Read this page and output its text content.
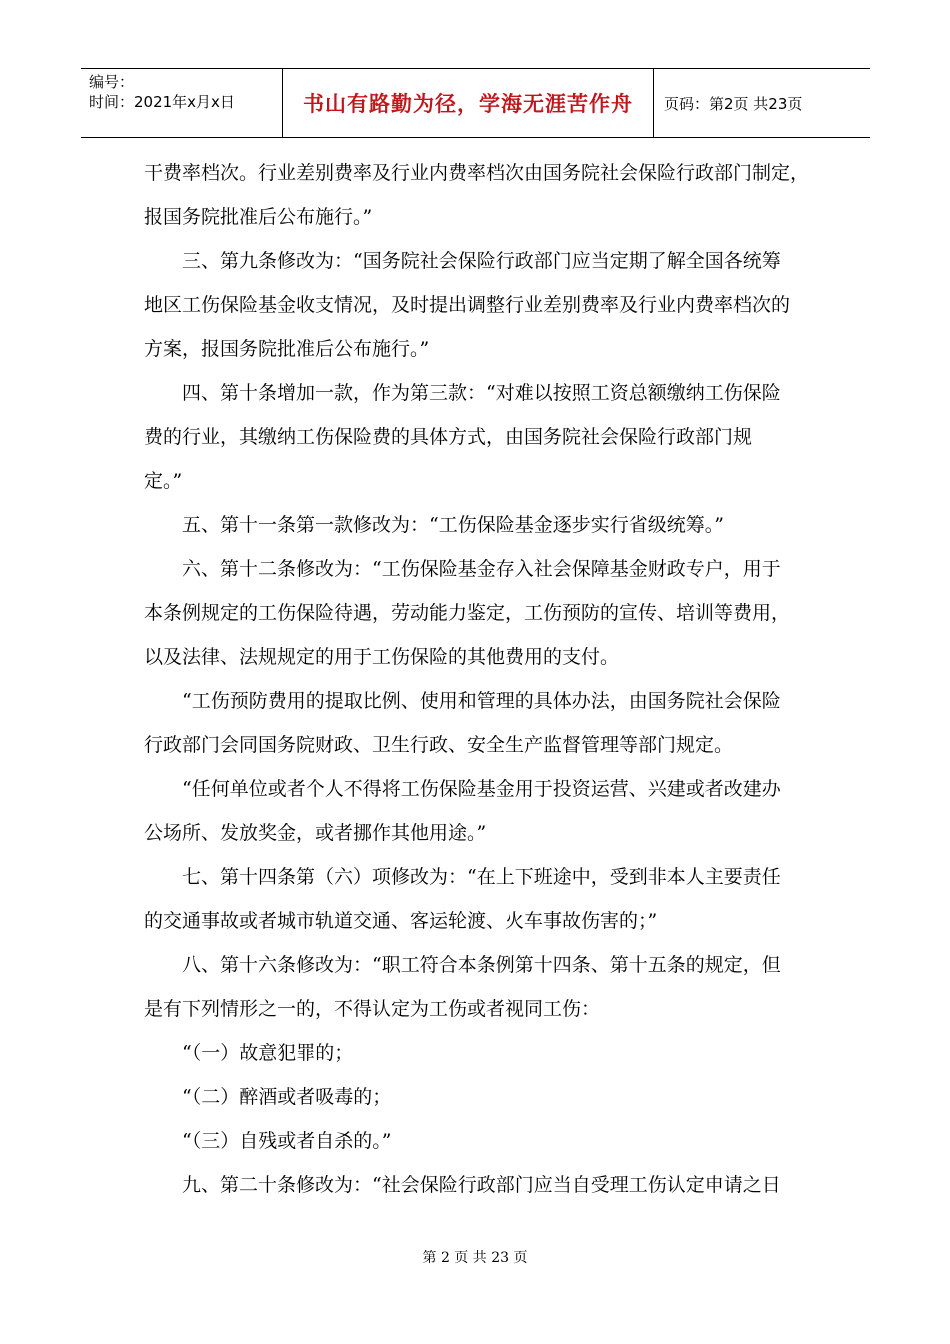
编号：
时间：2021年x月x日	书山有路勤为径，学海无涯苦作舟	页码：第2页 共23页

干费率档次。行业差别费率及行业内费率档次由国务院社会保险行政部门制定，

报国务院批准后公布施行。”

　　三、第九条修改为：“国务院社会保险行政部门应当定期了解全国各统筹

地区工伤保险基金收支情况，及时提出调整行业差别费率及行业内费率档次的

方案，报国务院批准后公布施行。”

　　四、第十条增加一款，作为第三款：“对难以按照工资总额缴纳工伤保险

费的行业，其缴纳工伤保险费的具体方式，由国务院社会保险行政部门规

定。”

　　五、第十一条第一款修改为：“工伤保险基金逐步实行省级统筹。”

　　六、第十二条修改为：“工伤保险基金存入社会保障基金财政专户，用于

本条例规定的工伤保险待遇，劳动能力鉴定，工伤预防的宣传、培训等费用，

以及法律、法规规定的用于工伤保险的其他费用的支付。

　　“工伤预防费用的提取比例、使用和管理的具体办法，由国务院社会保险

行政部门会同国务院财政、卫生行政、安全生产监督管理等部门规定。

　　“任何单位或者个人不得将工伤保险基金用于投资运营、兴建或者改建办

公场所、发放奖金，或者挪作其他用途。”

　　七、第十四条第（六）项修改为：“在上下班途中，受到非本人主要责任

的交通事故或者城市轨道交通、客运轮渡、火车事故伤害的；”

　　八、第十六条修改为：“职工符合本条例第十四条、第十五条的规定，但

是有下列情形之一的，不得认定为工伤或者视同工伤：

　　“（一）故意犯罪的；

　　“（二）醉酒或者吸毒的；

　　“（三）自残或者自杀的。”

　　九、第二十条修改为：“社会保险行政部门应当自受理工伤认定申请之日

第 2 页 共 23 页
